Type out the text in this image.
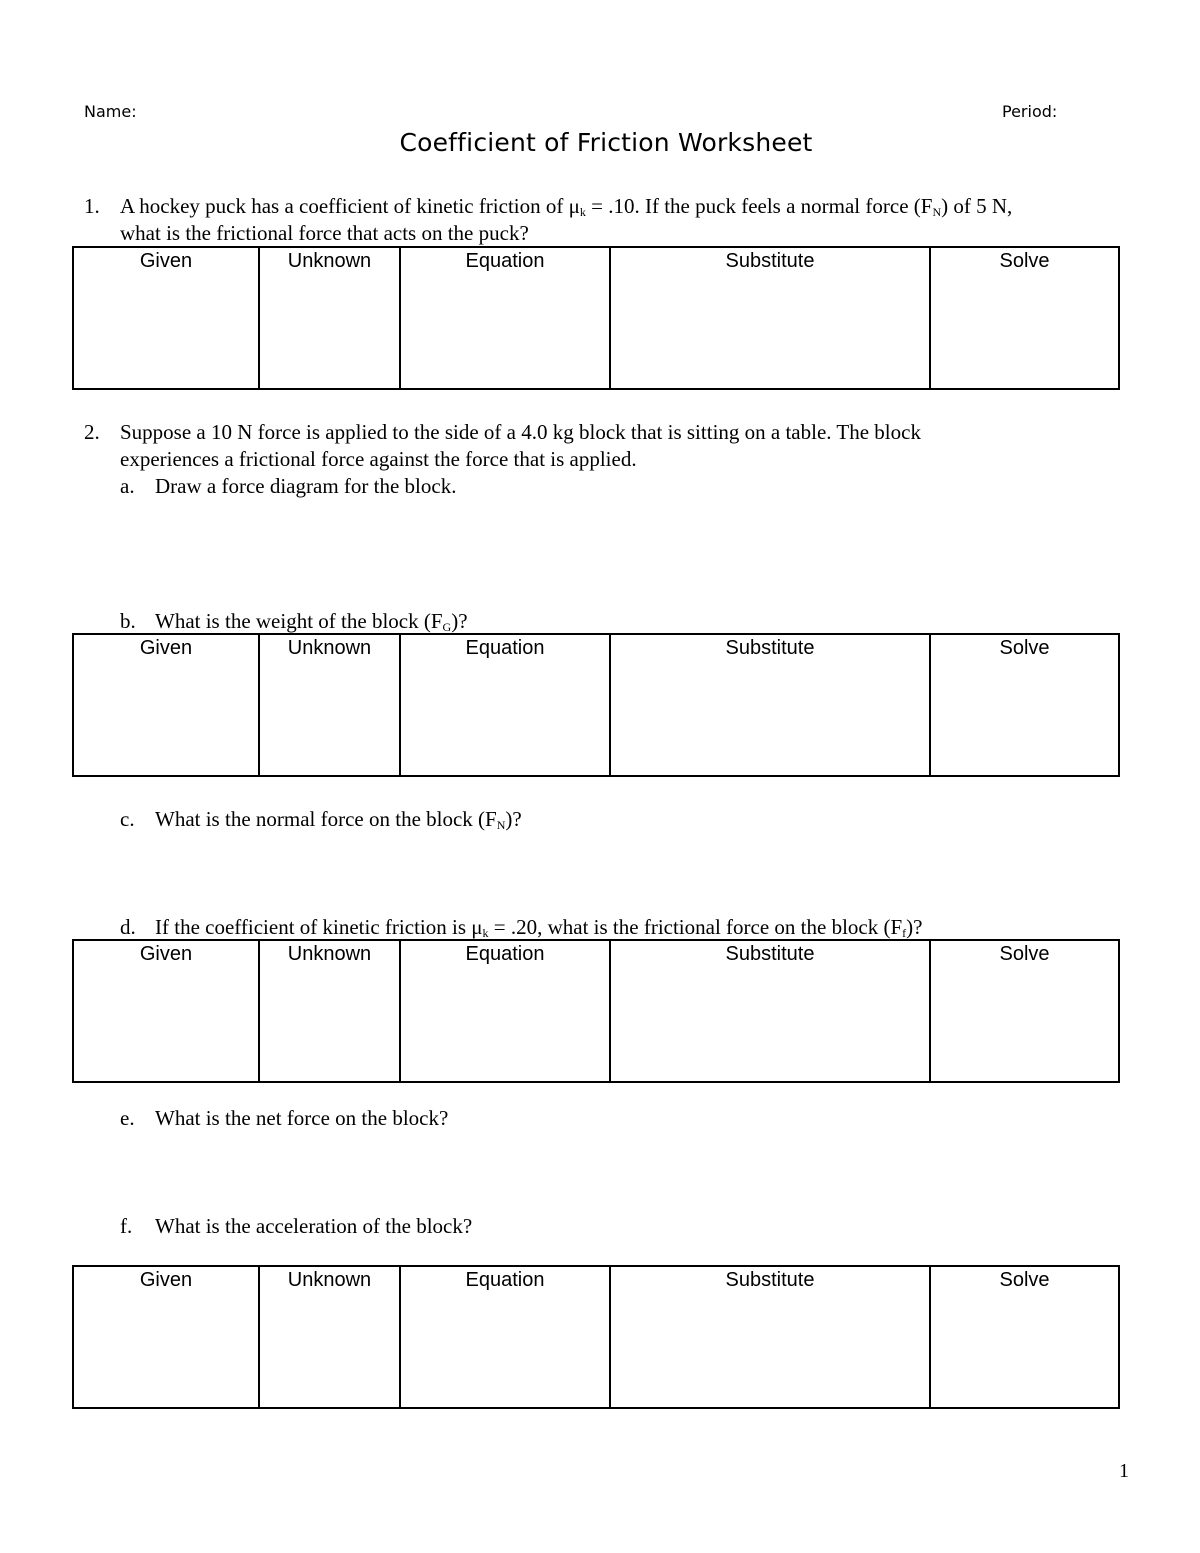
Name:	Period:
Coefficient of Friction Worksheet
1. A hockey puck has a coefficient of kinetic friction of $\mu_k = .10$. If the puck feels a normal force $(F_N)$ of 5 N,
what is the frictional force that acts on the puck?
Given	Unknown	Equation	Substitute	Solve

2. Suppose a 10 N force is applied to the side of a 4.0 kg block that is sitting on a table. The block
experiences a frictional force against the force that is applied.
a. Draw a force diagram for the block.
b. What is the weight of the block $(F_G)$?
Given	Unknown	Equation	Substitute	Solve

c. What is the normal force on the block $(F_N)$?
d. If the coefficient of kinetic friction is $\mu_k = .20$, what is the frictional force on the block $(F_f)$?
Given	Unknown	Equation	Substitute	Solve

e. What is the net force on the block?
f. What is the acceleration of the block?
Given	Unknown	Equation	Substitute	Solve

1
